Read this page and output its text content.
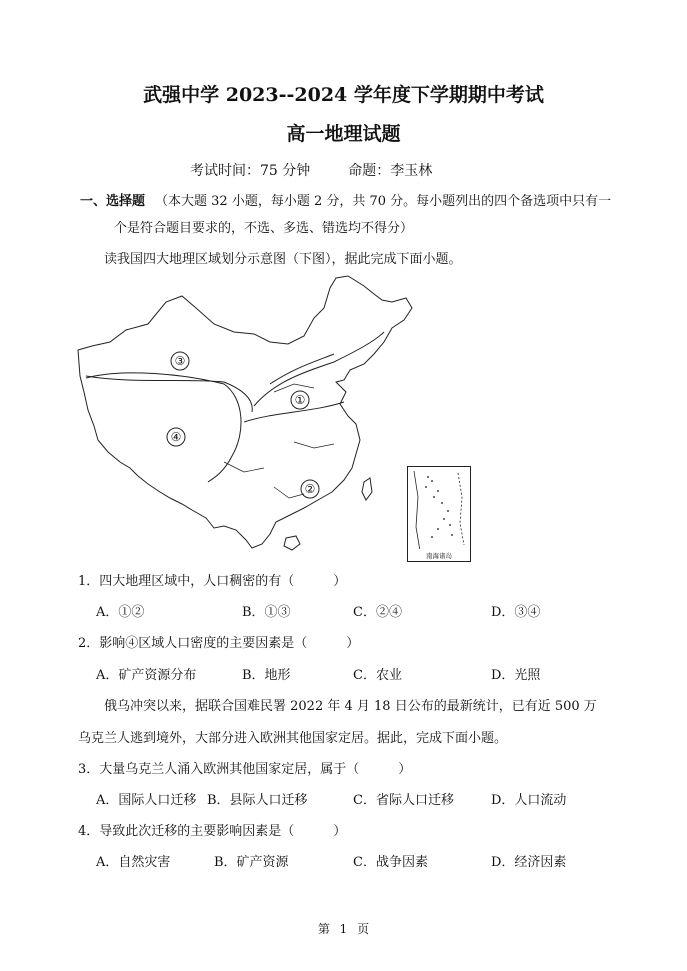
武强中学 2023--2024 学年度下学期期中考试
高一地理试题
考试时间：75 分钟	命题：李玉林
一、选择题 （本大题 32 小题，每小题 2 分，共 70 分。每小题列出的四个备选项中只有一
个是符合题目要求的，不选、多选、错选均不得分）
读我国四大地理区域划分示意图（下图），据此完成下面小题。
①
②
③
④
南海诸岛
1．四大地理区域中，人口稠密的有（　　　）
A．①②	B．①③	C．②④	D．③④
2．影响④区域人口密度的主要因素是（　　　）
A．矿产资源分布	B．地形	C．农业	D．光照
俄乌冲突以来，据联合国难民署 2022 年 4 月 18 日公布的最新统计，已有近 500 万
乌克兰人逃到境外，大部分进入欧洲其他国家定居。据此，完成下面小题。
3．大量乌克兰人涌入欧洲其他国家定居，属于（　　　）
A．国际人口迁移 B．县际人口迁移	C．省际人口迁移	D．人口流动
4．导致此次迁移的主要影响因素是（　　　）
A．自然灾害	B．矿产资源	C．战争因素	D．经济因素
第 1 页
